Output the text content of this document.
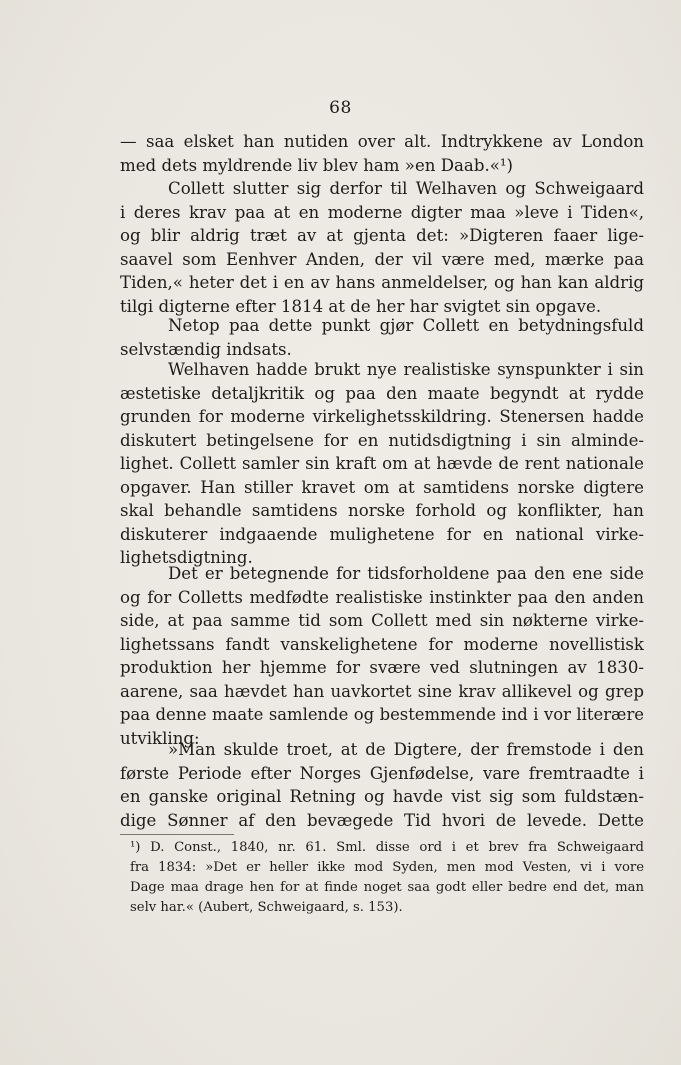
68
— saa elsket han nutiden over alt. Indtrykkene av London
med dets myldrende liv blev ham »en Daab.«¹)
Collett slutter sig derfor til Welhaven og Schweigaard
i deres krav paa at en moderne digter maa »leve i Tiden«,
og blir aldrig træt av at gjenta det: »Digteren faaer lige-
saavel som Eenhver Anden, der vil være med, mærke paa
Tiden,« heter det i en av hans anmeldelser, og han kan aldrig
tilgi digterne efter 1814 at de her har svigtet sin opgave.
Netop paa dette punkt gjør Collett en betydningsfuld
selvstændig indsats.
Welhaven hadde brukt nye realistiske synspunkter i sin
æstetiske detaljkritik og paa den maate begyndt at rydde
grunden for moderne virkelighetsskildring. Stenersen hadde
diskutert betingelsene for en nutidsdigtning i sin alminde-
lighet. Collett samler sin kraft om at hævde de rent nationale
opgaver. Han stiller kravet om at samtidens norske digtere
skal behandle samtidens norske forhold og konflikter, han
diskuterer indgaaende mulighetene for en national virke-
lighetsdigtning.
Det er betegnende for tidsforholdene paa den ene side
og for Colletts medfødte realistiske instinkter paa den anden
side, at paa samme tid som Collett med sin nøkterne virke-
lighetssans fandt vanskelighetene for moderne novellistisk
produktion her hjemme for svære ved slutningen av 1830-
aarene, saa hævdet han uavkortet sine krav allikevel og grep
paa denne maate samlende og bestemmende ind i vor literære
utvikling:
»Man skulde troet, at de Digtere, der fremstode i den
første Periode efter Norges Gjenfødelse, vare fremtraadte i
en ganske original Retning og havde vist sig som fuldstæn-
dige Sønner af den bevægede Tid hvori de levede. Dette
¹) D. Const., 1840, nr. 61. Sml. disse ord i et brev fra Schweigaard
fra 1834: »Det er heller ikke mod Syden, men mod Vesten, vi i vore
Dage maa drage hen for at finde noget saa godt eller bedre end det, man
selv har.« (Aubert, Schweigaard, s. 153).
